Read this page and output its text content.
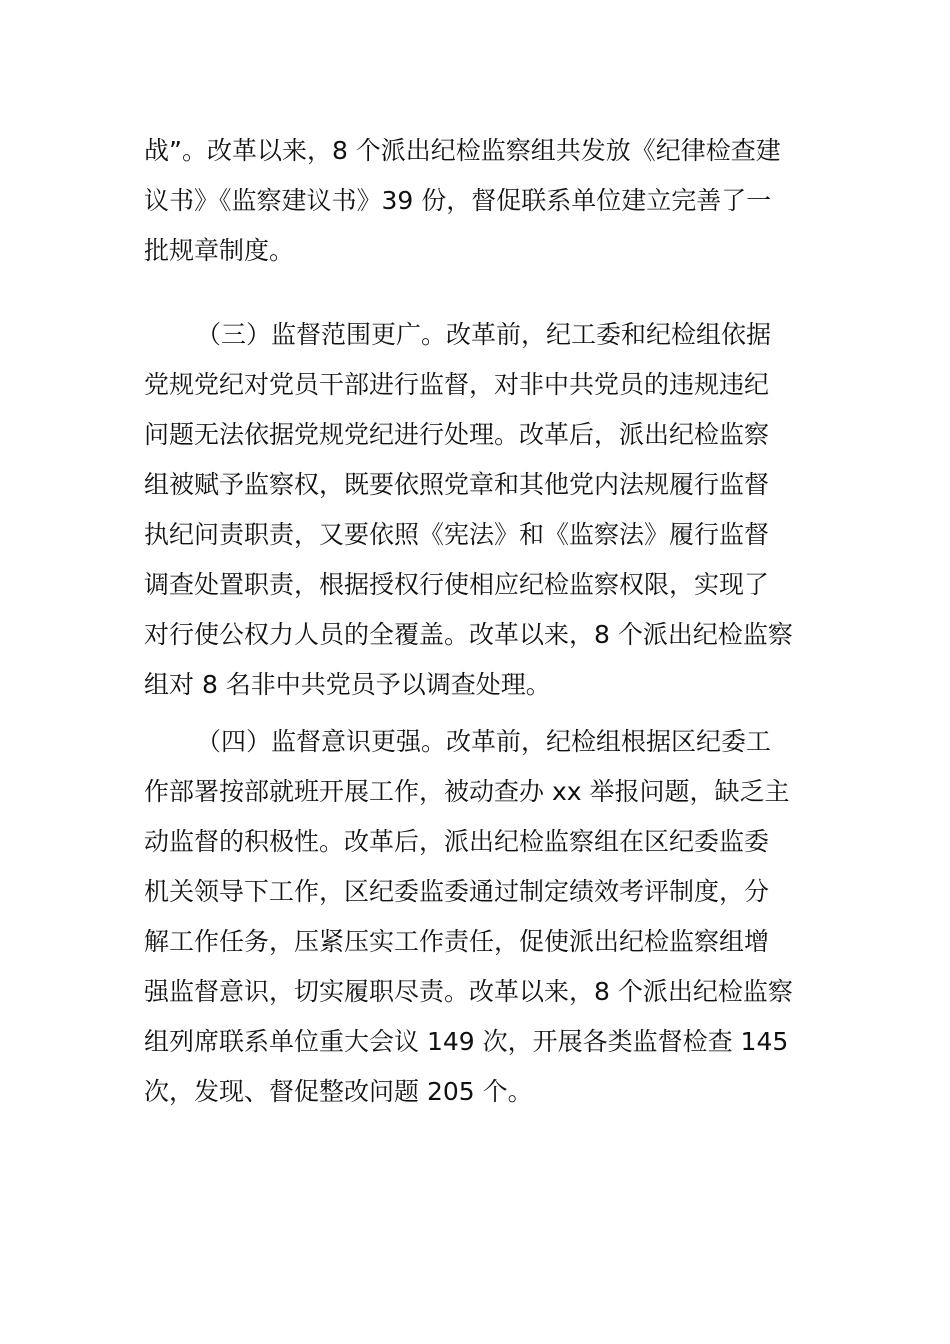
战”。改革以来，8 个派出纪检监察组共发放《纪律检查建
议书》《监察建议书》39 份，督促联系单位建立完善了一
批规章制度。
（三）监督范围更广。改革前，纪工委和纪检组依据
党规党纪对党员干部进行监督，对非中共党员的违规违纪
问题无法依据党规党纪进行处理。改革后，派出纪检监察
组被赋予监察权，既要依照党章和其他党内法规履行监督
执纪问责职责，又要依照《宪法》和《监察法》履行监督
调查处置职责，根据授权行使相应纪检监察权限，实现了
对行使公权力人员的全覆盖。改革以来，8 个派出纪检监察
组对 8 名非中共党员予以调查处理。
（四）监督意识更强。改革前，纪检组根据区纪委工
作部署按部就班开展工作，被动查办 xx 举报问题，缺乏主
动监督的积极性。改革后，派出纪检监察组在区纪委监委
机关领导下工作，区纪委监委通过制定绩效考评制度，分
解工作任务，压紧压实工作责任，促使派出纪检监察组增
强监督意识，切实履职尽责。改革以来，8 个派出纪检监察
组列席联系单位重大会议 149 次，开展各类监督检查 145
次，发现、督促整改问题 205 个。
